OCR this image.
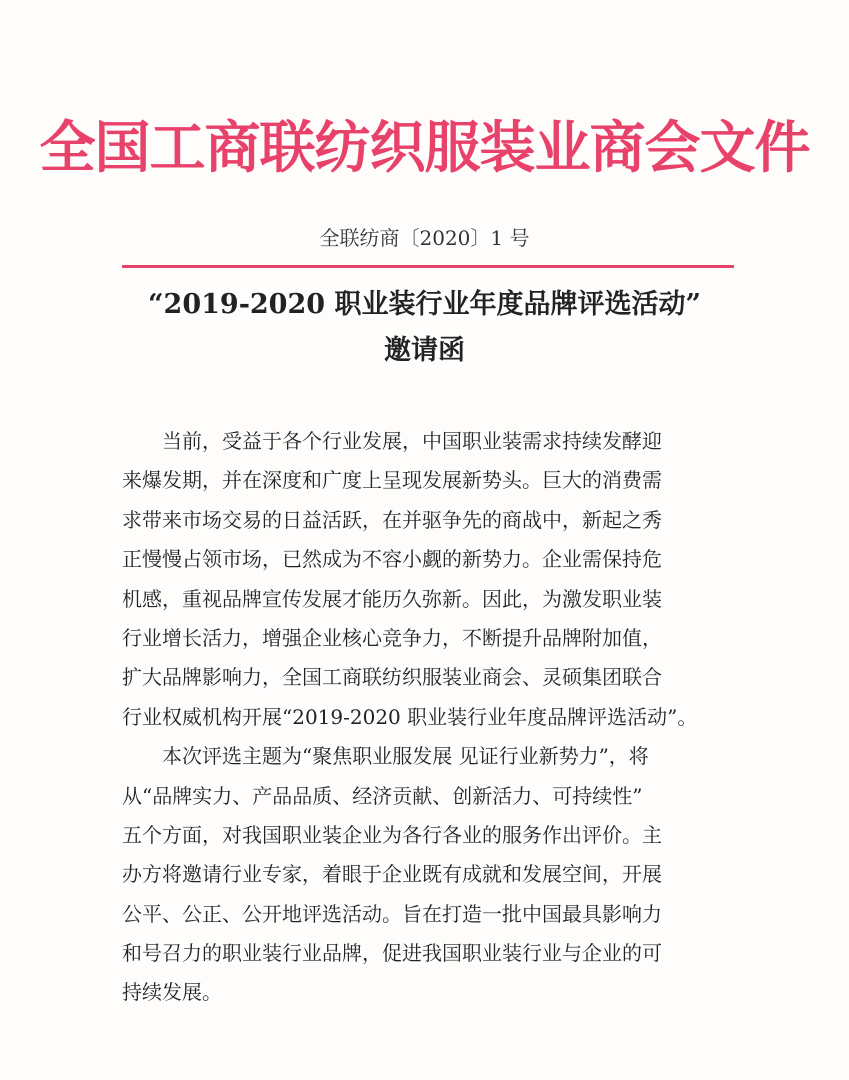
全国工商联纺织服装业商会文件
全联纺商〔2020〕1 号
“2019-2020 职业装行业年度品牌评选活动”
邀请函
当前，受益于各个行业发展，中国职业装需求持续发酵迎
来爆发期，并在深度和广度上呈现发展新势头。巨大的消费需
求带来市场交易的日益活跃，在并驱争先的商战中，新起之秀
正慢慢占领市场，已然成为不容小觑的新势力。企业需保持危
机感，重视品牌宣传发展才能历久弥新。因此，为激发职业装
行业增长活力，增强企业核心竞争力，不断提升品牌附加值，
扩大品牌影响力，全国工商联纺织服装业商会、灵硕集团联合
行业权威机构开展“2019-2020 职业装行业年度品牌评选活动”。
本次评选主题为“聚焦职业服发展 见证行业新势力”，将
从“品牌实力、产品品质、经济贡献、创新活力、可持续性”
五个方面，对我国职业装企业为各行各业的服务作出评价。主
办方将邀请行业专家，着眼于企业既有成就和发展空间，开展
公平、公正、公开地评选活动。旨在打造一批中国最具影响力
和号召力的职业装行业品牌，促进我国职业装行业与企业的可
持续发展。
